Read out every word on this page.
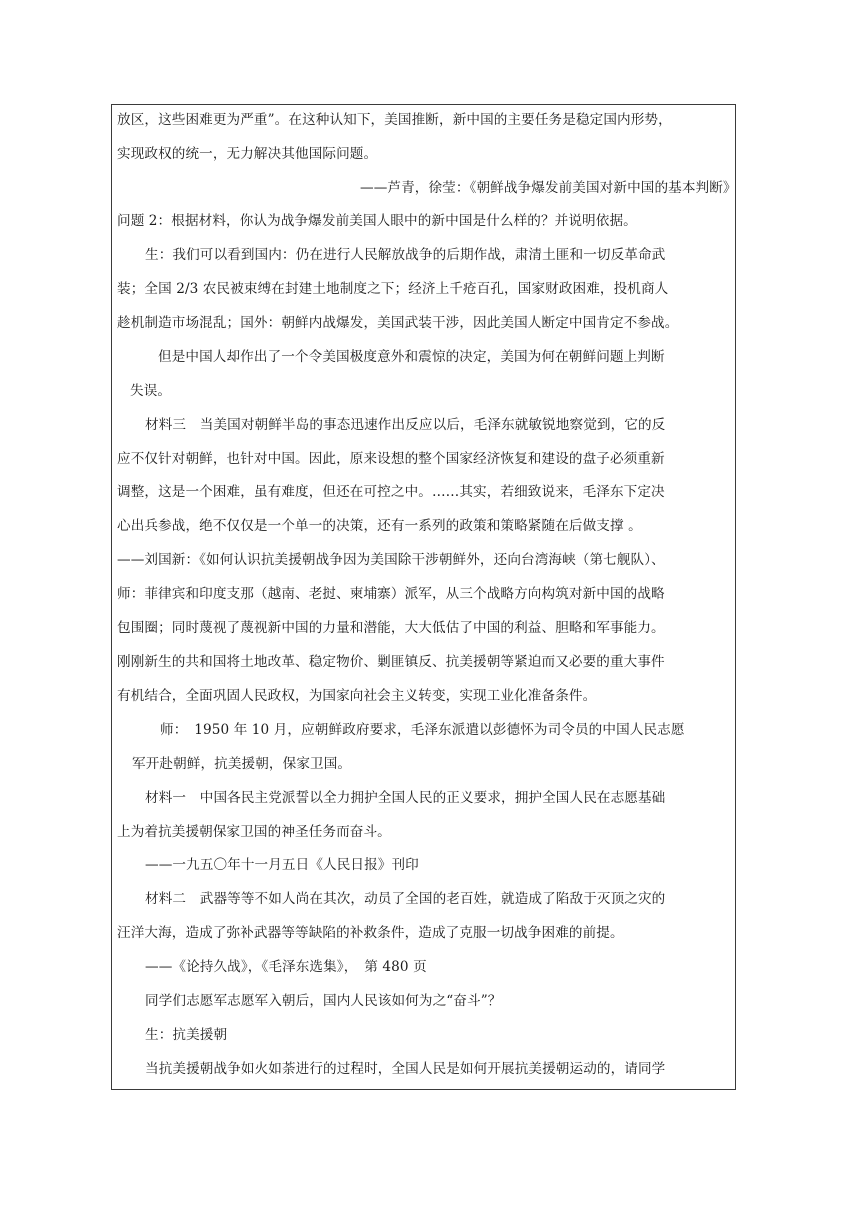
放区，这些困难更为严重”。在这种认知下，美国推断，新中国的主要任务是稳定国内形势，
实现政权的统一，无力解决其他国际问题。
——芦青，徐莹：《朝鲜战争爆发前美国对新中国的基本判断》
问题 2：根据材料，你认为战争爆发前美国人眼中的新中国是什么样的？并说明依据。
生：我们可以看到国内：仍在进行人民解放战争的后期作战，肃清土匪和一切反革命武
装；全国 2/3 农民被束缚在封建土地制度之下；经济上千疮百孔，国家财政困难，投机商人
趁机制造市场混乱；国外：朝鲜内战爆发，美国武装干涉，因此美国人断定中国肯定不参战。
但是中国人却作出了一个令美国极度意外和震惊的决定，美国为何在朝鲜问题上判断
失误。
材料三　当美国对朝鲜半岛的事态迅速作出反应以后，毛泽东就敏锐地察觉到，它的反
应不仅针对朝鲜，也针对中国。因此，原来设想的整个国家经济恢复和建设的盘子必须重新
调整，这是一个困难，虽有难度，但还在可控之中。……其实，若细致说来，毛泽东下定决
心出兵参战，绝不仅仅是一个单一的决策，还有一系列的政策和策略紧随在后做支撑 。
——刘国新：《如何认识抗美援朝战争因为美国除干涉朝鲜外，还向台湾海峡（第七舰队）、
师：菲律宾和印度支那（越南、老挝、柬埔寨）派军，从三个战略方向构筑对新中国的战略
包围圈；同时蔑视了蔑视新中国的力量和潜能，大大低估了中国的利益、胆略和军事能力。
刚刚新生的共和国将土地改革、稳定物价、剿匪镇反、抗美援朝等紧迫而又必要的重大事件
有机结合，全面巩固人民政权，为国家向社会主义转变，实现工业化准备条件。
师：　1950 年 10 月，应朝鲜政府要求，毛泽东派遣以彭德怀为司令员的中国人民志愿
军开赴朝鲜，抗美援朝，保家卫国。
材料一　中国各民主党派誓以全力拥护全国人民的正义要求，拥护全国人民在志愿基础
上为着抗美援朝保家卫国的神圣任务而奋斗。
——一九五〇年十一月五日《人民日报》刊印
材料二　武器等等不如人尚在其次，动员了全国的老百姓，就造成了陷敌于灭顶之灾的
汪洋大海，造成了弥补武器等等缺陷的补救条件，造成了克服一切战争困难的前提。
——《论持久战》，《毛泽东选集》，　第 480 页
同学们志愿军志愿军入朝后，国内人民该如何为之“奋斗”？
生：抗美援朝
当抗美援朝战争如火如荼进行的过程时，全国人民是如何开展抗美援朝运动的，请同学
